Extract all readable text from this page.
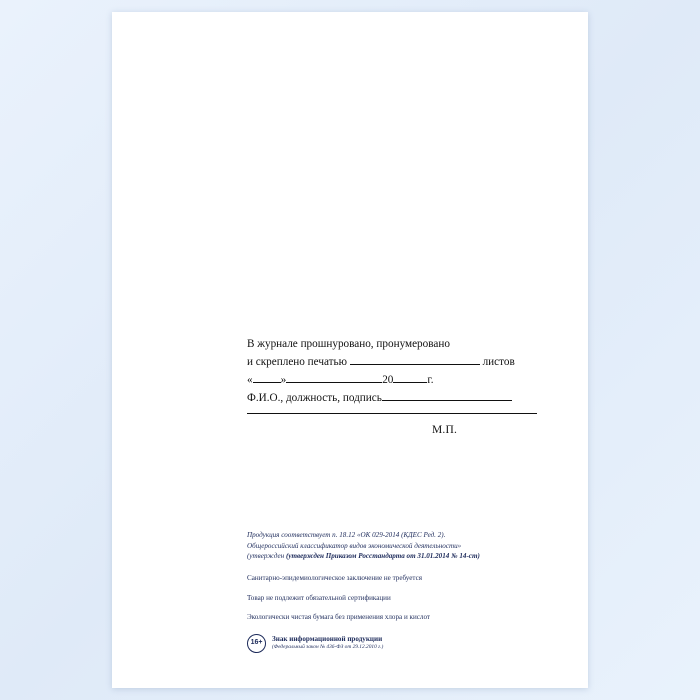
В журнале прошнуровано, пронумеровано
и скреплено печатью	листов
«	»	20	г.
Ф.И.О., должность, подпись
М.П.
Продукция соответствует п. 18.12 «ОК 029-2014 (КДЕС Ред. 2).
Общероссийский классификатор видов экономической деятельности»
(утвержден (утвержден Приказом Росстандарта от 31.01.2014 № 14-ст)
Санитарно-эпидемиологическое заключение не требуется
Товар не подлежит обязательной сертификации
Экологически чистая бумага без применения хлора и кислот
16+	Знак информационной продукции
(Федеральный закон № 436-ФЗ от 29.12.2010 г.)
